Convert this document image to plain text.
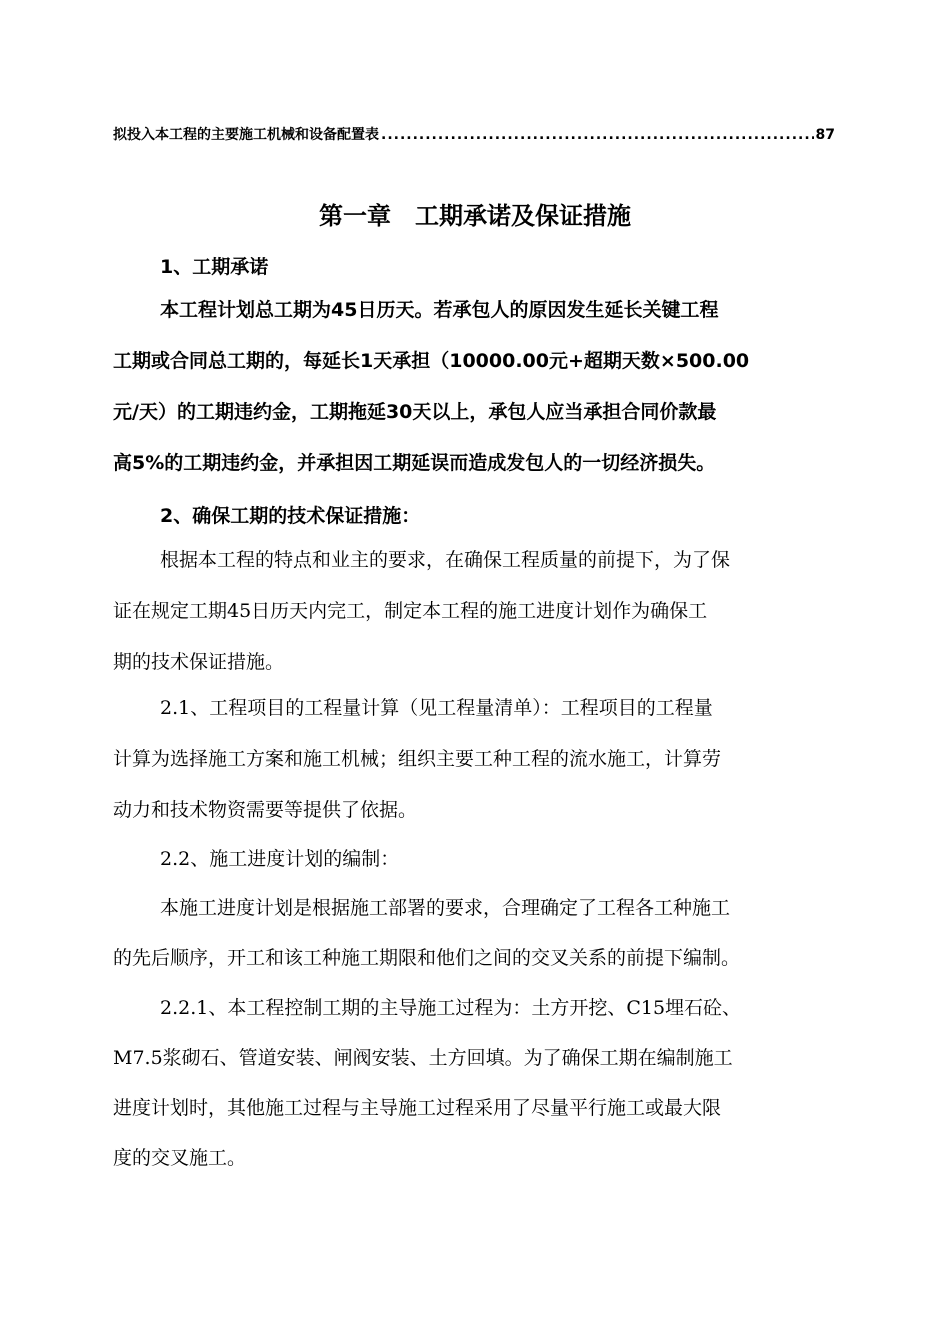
拟投入本工程的主要施工机械和设备配置表
.....	87
第一章　工期承诺及保证措施
1、工期承诺
本工程计划总工期为45日历天。若承包人的原因发生延长关键工程
工期或合同总工期的，每延长1天承担（10000.00元+超期天数×500.00
元/天）的工期违约金，工期拖延30天以上，承包人应当承担合同价款最
高5%的工期违约金，并承担因工期延误而造成发包人的一切经济损失。
2、确保工期的技术保证措施：
根据本工程的特点和业主的要求，在确保工程质量的前提下，为了保
证在规定工期45日历天内完工，制定本工程的施工进度计划作为确保工
期的技术保证措施。
2.1、工程项目的工程量计算（见工程量清单）：工程项目的工程量
计算为选择施工方案和施工机械；组织主要工种工程的流水施工，计算劳
动力和技术物资需要等提供了依据。
2.2、施工进度计划的编制：
本施工进度计划是根据施工部署的要求，合理确定了工程各工种施工
的先后顺序，开工和该工种施工期限和他们之间的交叉关系的前提下编制。
2.2.1、本工程控制工期的主导施工过程为：土方开挖、C15埋石砼、
M7.5浆砌石、管道安装、闸阀安装、土方回填。为了确保工期在编制施工
进度计划时，其他施工过程与主导施工过程采用了尽量平行施工或最大限
度的交叉施工。
